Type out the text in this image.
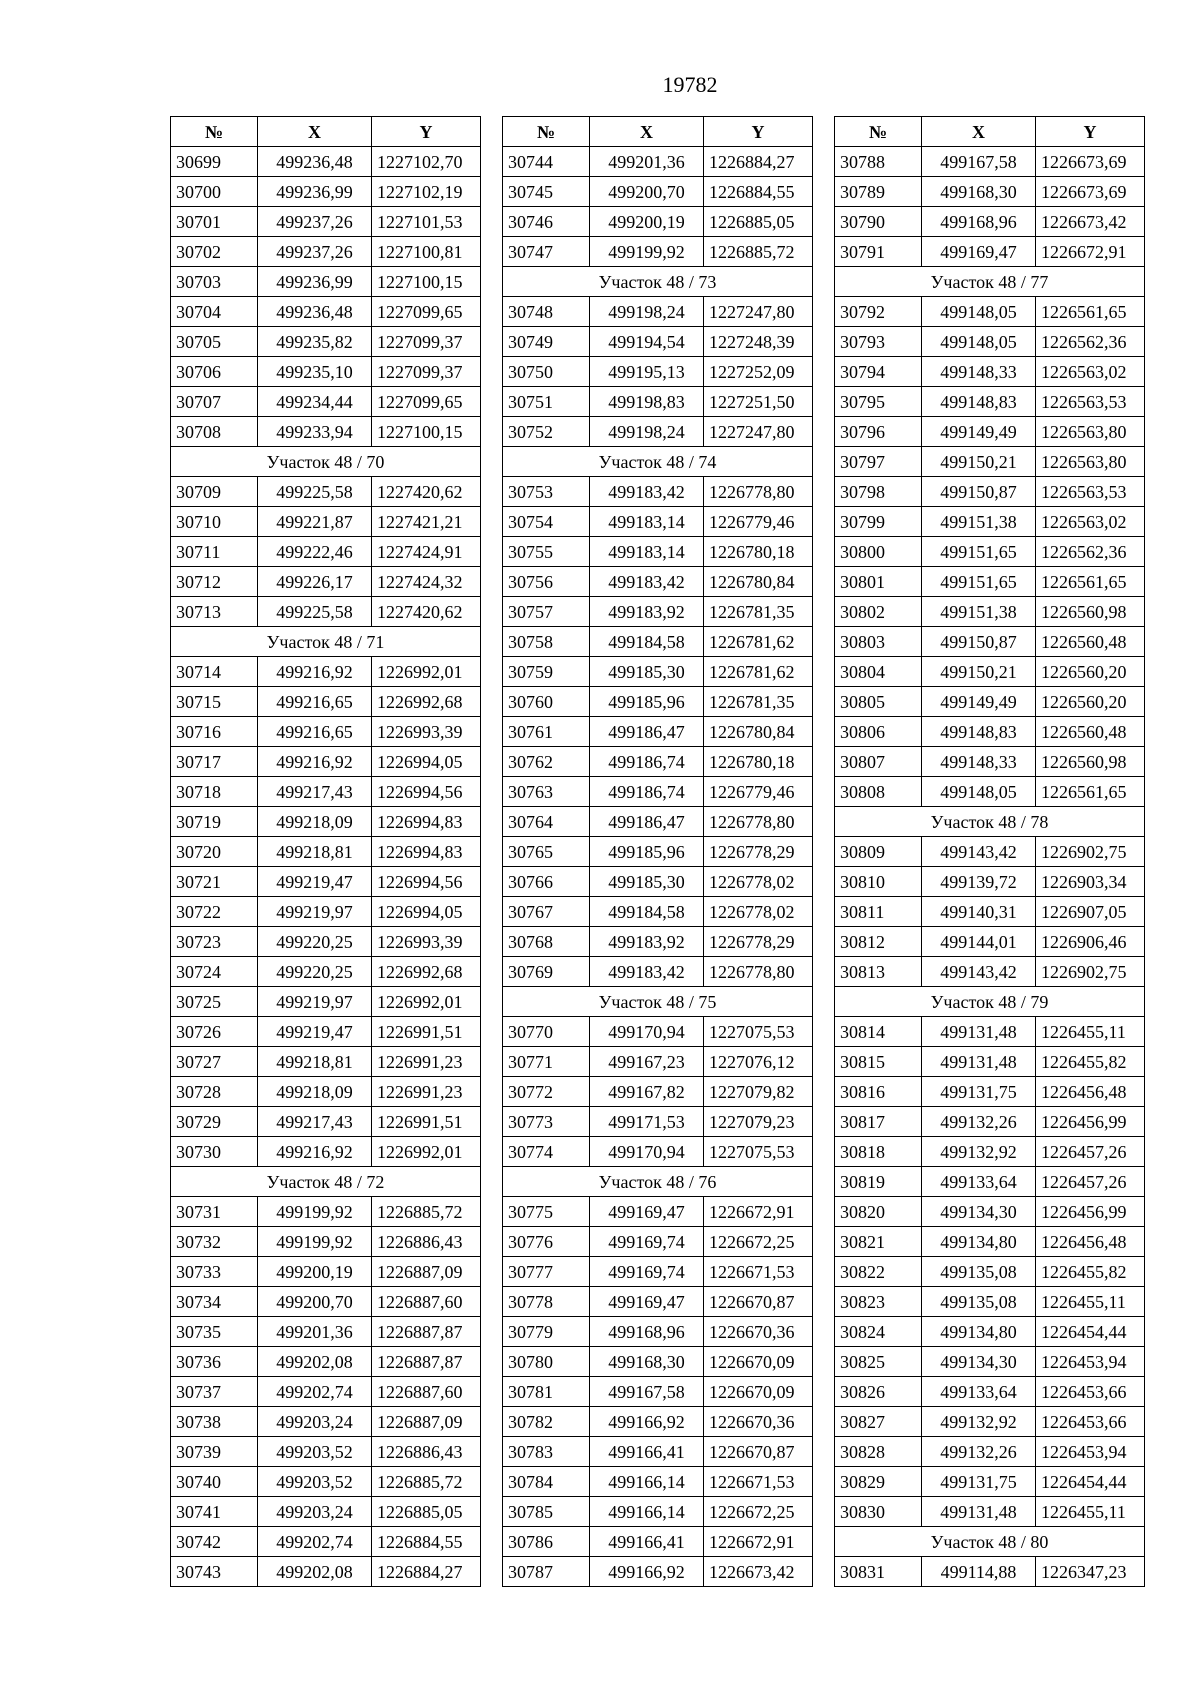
19782
№	X	Y
30699	499236,48	1227102,70
30700	499236,99	1227102,19
30701	499237,26	1227101,53
30702	499237,26	1227100,81
30703	499236,99	1227100,15
30704	499236,48	1227099,65
30705	499235,82	1227099,37
30706	499235,10	1227099,37
30707	499234,44	1227099,65
30708	499233,94	1227100,15
Участок 48 / 70		
30709	499225,58	1227420,62
30710	499221,87	1227421,21
30711	499222,46	1227424,91
30712	499226,17	1227424,32
30713	499225,58	1227420,62
Участок 48 / 71		
30714	499216,92	1226992,01
30715	499216,65	1226992,68
30716	499216,65	1226993,39
30717	499216,92	1226994,05
30718	499217,43	1226994,56
30719	499218,09	1226994,83
30720	499218,81	1226994,83
30721	499219,47	1226994,56
30722	499219,97	1226994,05
30723	499220,25	1226993,39
30724	499220,25	1226992,68
30725	499219,97	1226992,01
30726	499219,47	1226991,51
30727	499218,81	1226991,23
30728	499218,09	1226991,23
30729	499217,43	1226991,51
30730	499216,92	1226992,01
Участок 48 / 72		
30731	499199,92	1226885,72
30732	499199,92	1226886,43
30733	499200,19	1226887,09
30734	499200,70	1226887,60
30735	499201,36	1226887,87
30736	499202,08	1226887,87
30737	499202,74	1226887,60
30738	499203,24	1226887,09
30739	499203,52	1226886,43
30740	499203,52	1226885,72
30741	499203,24	1226885,05
30742	499202,74	1226884,55
30743	499202,08	1226884,27
№	X	Y
30744	499201,36	1226884,27
30745	499200,70	1226884,55
30746	499200,19	1226885,05
30747	499199,92	1226885,72
Участок 48 / 73		
30748	499198,24	1227247,80
30749	499194,54	1227248,39
30750	499195,13	1227252,09
30751	499198,83	1227251,50
30752	499198,24	1227247,80
Участок 48 / 74		
30753	499183,42	1226778,80
30754	499183,14	1226779,46
30755	499183,14	1226780,18
30756	499183,42	1226780,84
30757	499183,92	1226781,35
30758	499184,58	1226781,62
30759	499185,30	1226781,62
30760	499185,96	1226781,35
30761	499186,47	1226780,84
30762	499186,74	1226780,18
30763	499186,74	1226779,46
30764	499186,47	1226778,80
30765	499185,96	1226778,29
30766	499185,30	1226778,02
30767	499184,58	1226778,02
30768	499183,92	1226778,29
30769	499183,42	1226778,80
Участок 48 / 75		
30770	499170,94	1227075,53
30771	499167,23	1227076,12
30772	499167,82	1227079,82
30773	499171,53	1227079,23
30774	499170,94	1227075,53
Участок 48 / 76		
30775	499169,47	1226672,91
30776	499169,74	1226672,25
30777	499169,74	1226671,53
30778	499169,47	1226670,87
30779	499168,96	1226670,36
30780	499168,30	1226670,09
30781	499167,58	1226670,09
30782	499166,92	1226670,36
30783	499166,41	1226670,87
30784	499166,14	1226671,53
30785	499166,14	1226672,25
30786	499166,41	1226672,91
30787	499166,92	1226673,42
№	X	Y
30788	499167,58	1226673,69
30789	499168,30	1226673,69
30790	499168,96	1226673,42
30791	499169,47	1226672,91
Участок 48 / 77		
30792	499148,05	1226561,65
30793	499148,05	1226562,36
30794	499148,33	1226563,02
30795	499148,83	1226563,53
30796	499149,49	1226563,80
30797	499150,21	1226563,80
30798	499150,87	1226563,53
30799	499151,38	1226563,02
30800	499151,65	1226562,36
30801	499151,65	1226561,65
30802	499151,38	1226560,98
30803	499150,87	1226560,48
30804	499150,21	1226560,20
30805	499149,49	1226560,20
30806	499148,83	1226560,48
30807	499148,33	1226560,98
30808	499148,05	1226561,65
Участок 48 / 78		
30809	499143,42	1226902,75
30810	499139,72	1226903,34
30811	499140,31	1226907,05
30812	499144,01	1226906,46
30813	499143,42	1226902,75
Участок 48 / 79		
30814	499131,48	1226455,11
30815	499131,48	1226455,82
30816	499131,75	1226456,48
30817	499132,26	1226456,99
30818	499132,92	1226457,26
30819	499133,64	1226457,26
30820	499134,30	1226456,99
30821	499134,80	1226456,48
30822	499135,08	1226455,82
30823	499135,08	1226455,11
30824	499134,80	1226454,44
30825	499134,30	1226453,94
30826	499133,64	1226453,66
30827	499132,92	1226453,66
30828	499132,26	1226453,94
30829	499131,75	1226454,44
30830	499131,48	1226455,11
Участок 48 / 80		
30831	499114,88	1226347,23
